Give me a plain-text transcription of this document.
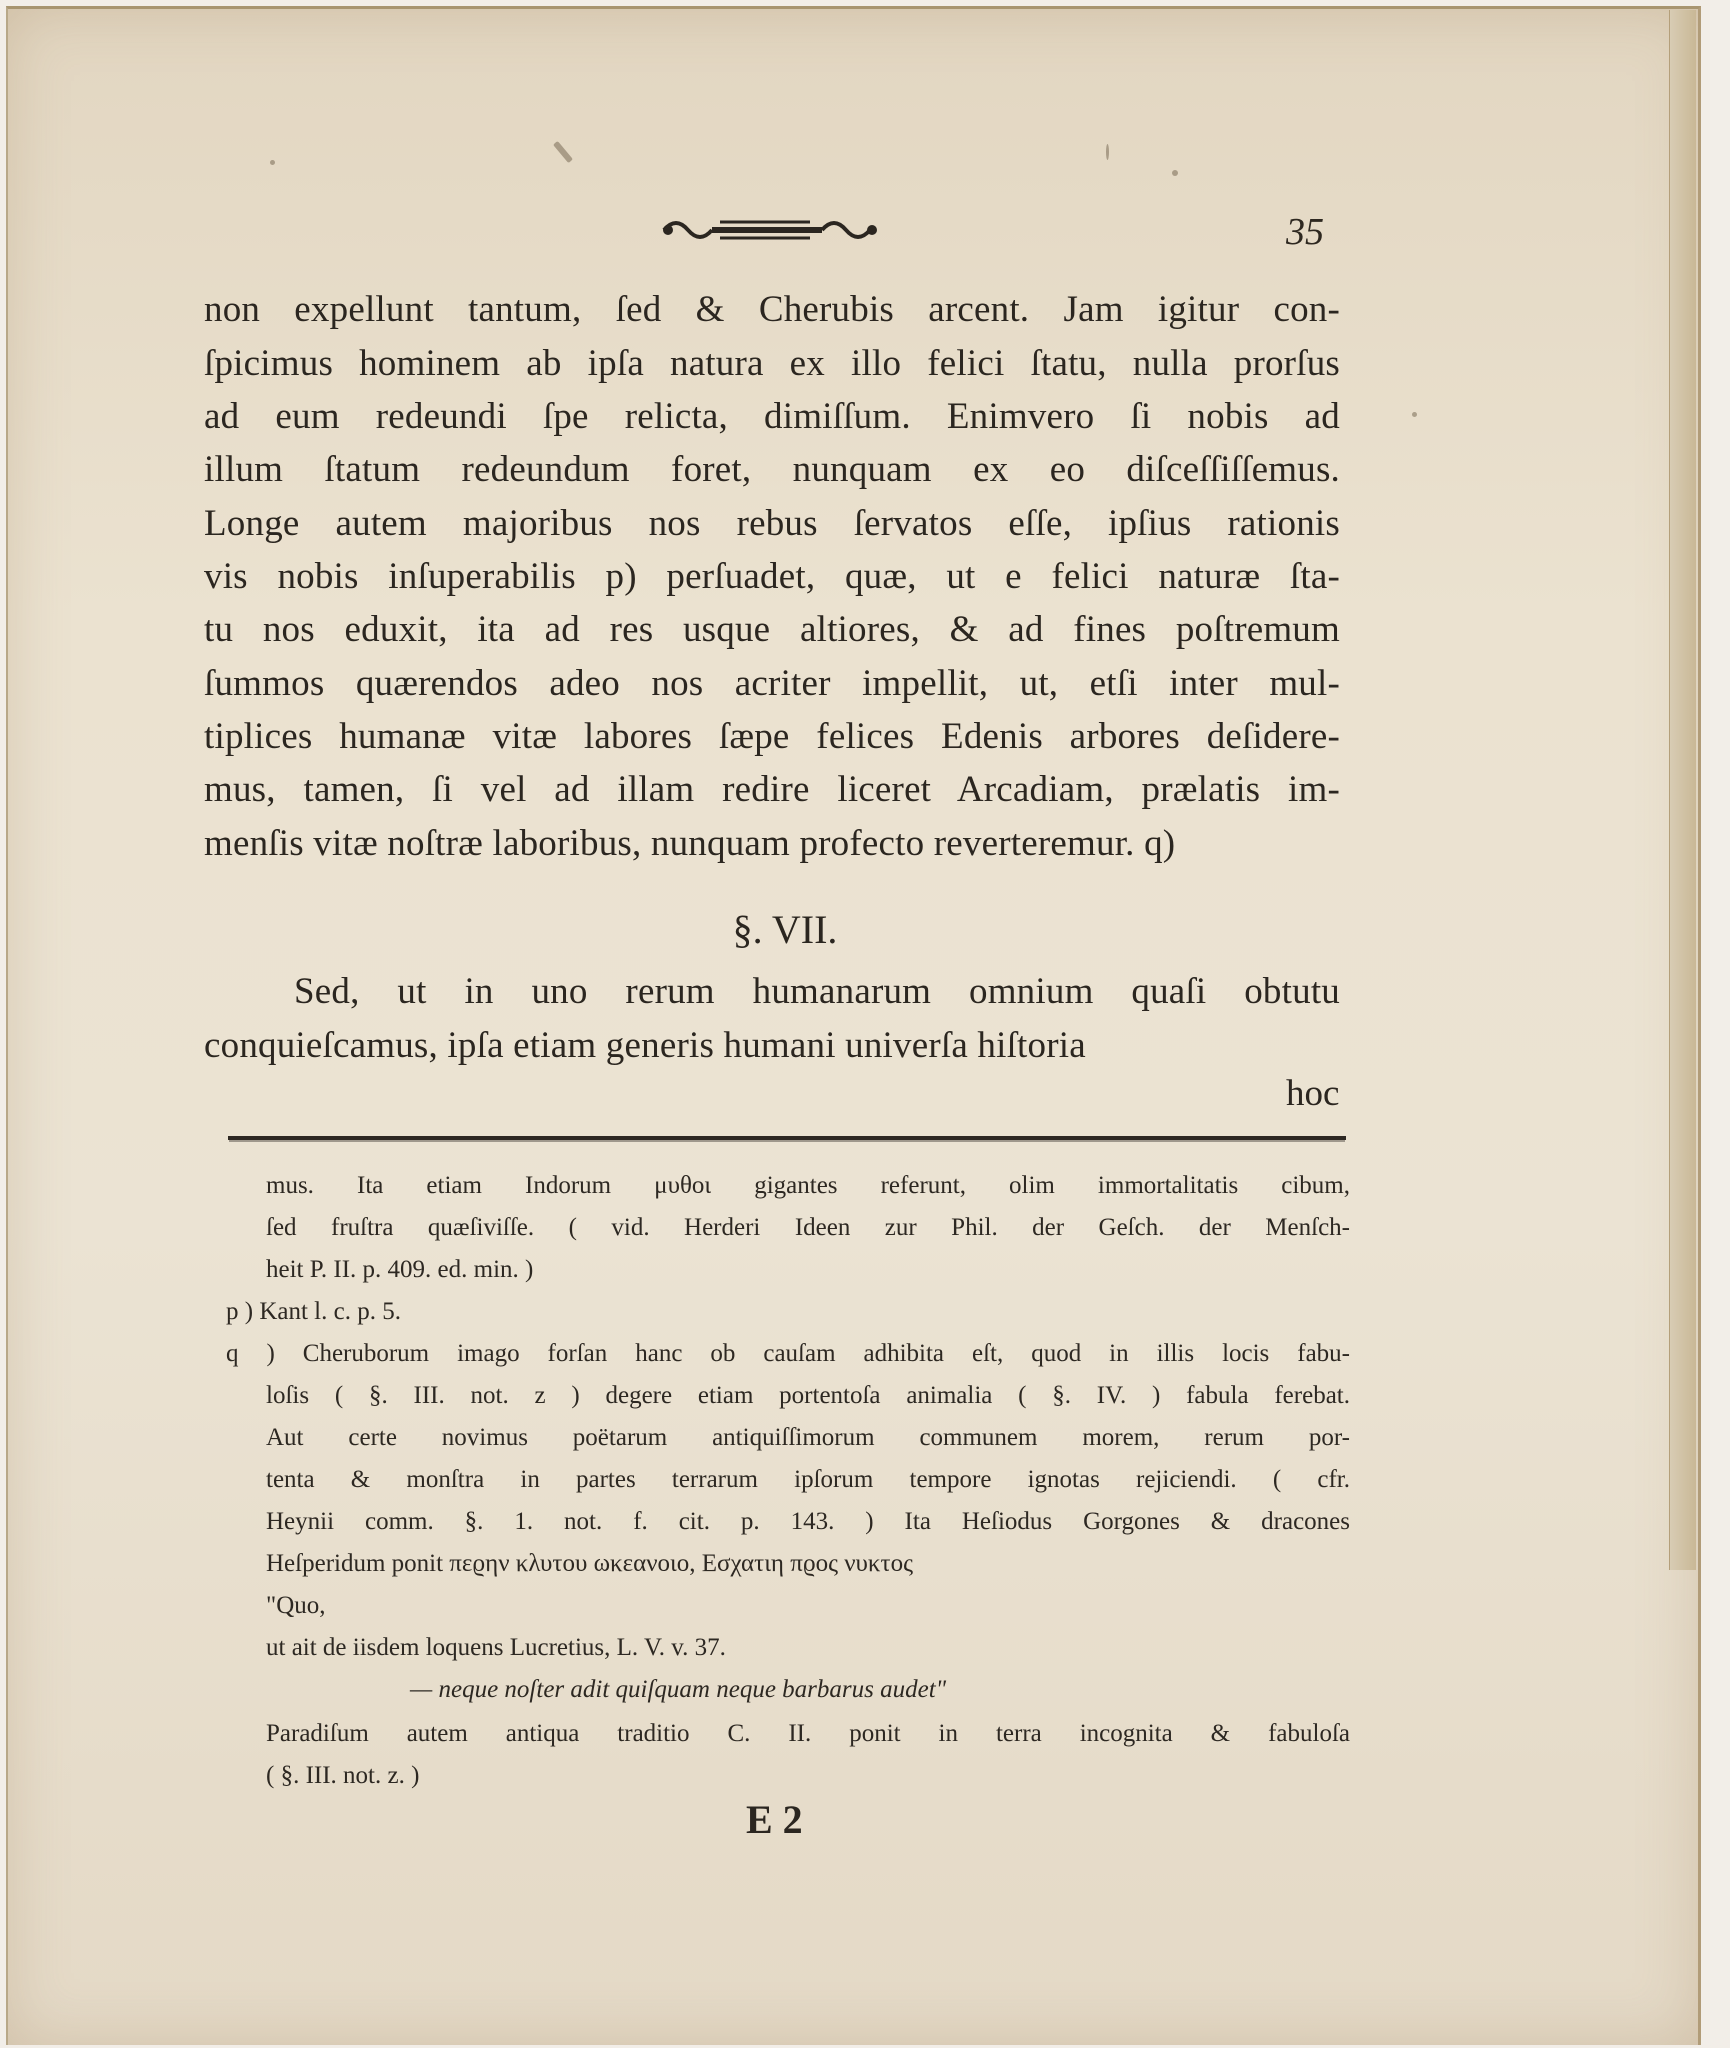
35
non expellunt tantum, ſed & Cherubis arcent. Jam igitur con-
ſpicimus hominem ab ipſa natura ex illo felici ſtatu, nulla prorſus
ad eum redeundi ſpe relicta, dimiſſum. Enimvero ſi nobis ad
illum ſtatum redeundum foret, nunquam ex eo diſceſſiſſemus.
Longe autem majoribus nos rebus ſervatos eſſe, ipſius rationis
vis nobis inſuperabilis p) perſuadet, quæ, ut e felici naturæ ſta-
tu nos eduxit, ita ad res usque altiores, & ad fines poſtremum
ſummos quærendos adeo nos acriter impellit, ut, etſi inter mul-
tiplices humanæ vitæ labores ſæpe felices Edenis arbores deſidere-
mus, tamen, ſi vel ad illam redire liceret Arcadiam, prælatis im-
menſis vitæ noſtræ laboribus, nunquam profecto reverteremur. q)
§. VII.
Sed, ut in uno rerum humanarum omnium quaſi obtutu
conquieſcamus, ipſa etiam generis humani univerſa hiſtoria
hoc
mus. Ita etiam Indorum μυθοι gigantes referunt, olim immortalitatis cibum,
ſed fruſtra quæſiviſſe. ( vid. Herderi Ideen zur Phil. der Geſch. der Menſch-
heit P. II. p. 409. ed. min. )
p ) Kant l. c. p. 5.
q ) Cheruborum imago forſan hanc ob cauſam adhibita eſt, quod in illis locis fabu-
loſis ( §. III. not. z ) degere etiam portentoſa animalia ( §. IV. ) fabula ferebat.
Aut certe novimus poëtarum antiquiſſimorum communem morem, rerum por-
tenta & monſtra in partes terrarum ipſorum tempore ignotas rejiciendi. ( cfr.
Heynii comm. §. 1. not. f. cit. p. 143. ) Ita Heſiodus Gorgones & dracones
Heſperidum ponit πεϱην κλυτου ωκεανοιο, Εσχατιη πϱος νυκτος
"Quo,
ut ait de iisdem loquens Lucretius, L. V. v. 37.
— neque noſter adit quiſquam neque barbarus audet"
Paradiſum autem antiqua traditio C. II. ponit in terra incognita & fabuloſa
( §. III. not. z. )
E 2
